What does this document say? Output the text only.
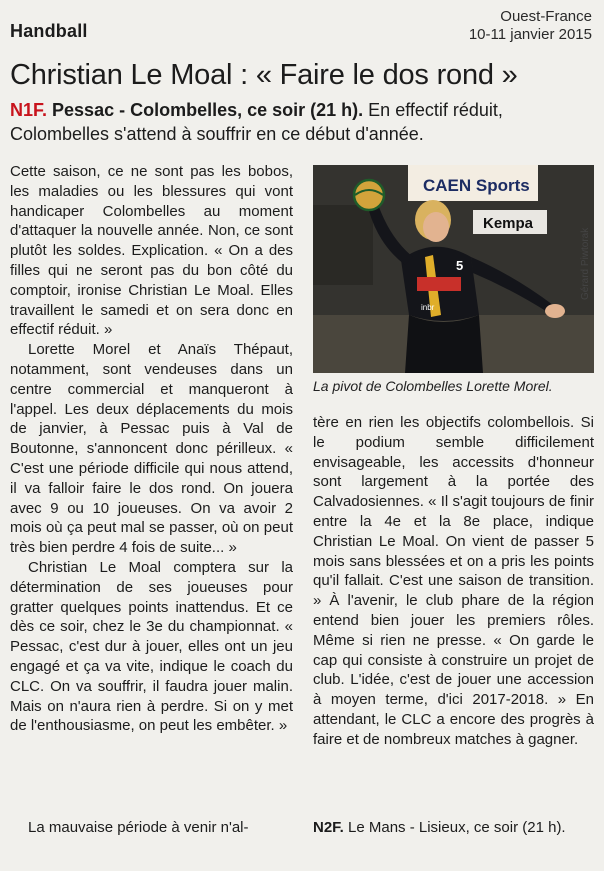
Handball
Ouest-France
10-11 janvier 2015
Christian Le Moal : « Faire le dos rond »
N1F. Pessac - Colombelles, ce soir (21 h). En effectif réduit, Colombelles s'attend à souffrir en ce début d'année.

Cette saison, ce ne sont pas les bobos, les maladies ou les blessures qui vont handicaper Colombelles au moment d'attaquer la nouvelle année. Non, ce sont plutôt les soldes. Explication. « On a des filles qui ne seront pas du bon côté du comptoir, ironise Christian Le Moal. Elles travaillent le samedi et on sera donc en effectif réduit. »

Lorette Morel et Anaïs Thépaut, notamment, sont vendeuses dans un centre commercial et manqueront à l'appel. Les deux déplacements du mois de janvier, à Pessac puis à Val de Boutonne, s'annoncent donc périlleux. « C'est une période difficile qui nous attend, il va falloir faire le dos rond. On jouera avec 9 ou 10 joueuses. On va avoir 2 mois où ça peut mal se passer, où on peut très bien perdre 4 fois de suite... »

Christian Le Moal comptera sur la détermination de ses joueuses pour gratter quelques points inattendus. Et ce dès ce soir, chez le 3e du championnat. « Pessac, c'est dur à jouer, elles ont un jeu engagé et ça va vite, indique le coach du CLC. On va souffrir, il faudra jouer malin. Mais on n'aura rien à perdre. Si on y met de l'enthousiasme, on peut les embêter. »

La mauvaise période à venir n'al-
CAEN Sports
Kempa
5
inbr
Gérard Piwtorak
La pivot de Colombelles Lorette Morel.

tère en rien les objectifs colombellois. Si le podium semble difficilement envisageable, les accessits d'honneur sont largement à la portée des Calvadosiennes. « Il s'agit toujours de finir entre la 4e et la 8e place, indique Christian Le Moal. On vient de passer 5 mois sans blessées et on a pris les points qu'il fallait. C'est une saison de transition. » À l'avenir, le club phare de la région entend bien jouer les premiers rôles. Même si rien ne presse. « On garde le cap qui consiste à construire un projet de club. L'idée, c'est de jouer une accession à moyen terme, d'ici 2017-2018. » En attendant, le CLC a encore des progrès à faire et de nombreux matches à gagner.

N2F. Le Mans - Lisieux, ce soir (21 h).
